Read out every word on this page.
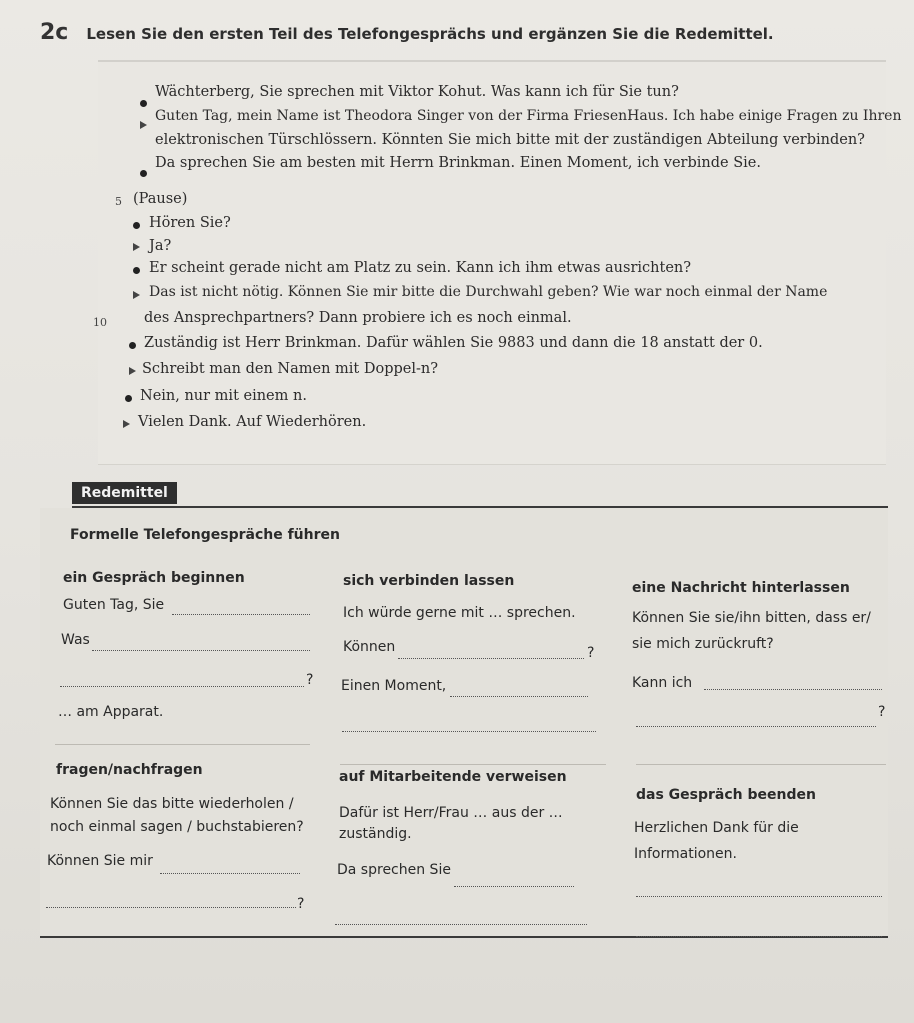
2c Lesen Sie den ersten Teil des Telefongesprächs und ergänzen Sie die Redemittel.
Wächterberg, Sie sprechen mit Viktor Kohut. Was kann ich für Sie tun?
Guten Tag, mein Name ist Theodora Singer von der Firma FriesenHaus. Ich habe einige Fragen zu Ihren
elektronischen Türschlössern. Könnten Sie mich bitte mit der zuständigen Abteilung verbinden?
Da sprechen Sie am besten mit Herrn Brinkman. Einen Moment, ich verbinde Sie.
5 (Pause)
Hören Sie?
Ja?
Er scheint gerade nicht am Platz zu sein. Kann ich ihm etwas ausrichten?
Das ist nicht nötig. Können Sie mir bitte die Durchwahl geben? Wie war noch einmal der Name
10	des Ansprechpartners? Dann probiere ich es noch einmal.
Zuständig ist Herr Brinkman. Dafür wählen Sie 9883 und dann die 18 anstatt der 0.
Schreibt man den Namen mit Doppel-n?
Nein, nur mit einem n.
Vielen Dank. Auf Wiederhören.
Redemittel
Formelle Telefongespräche führen
ein Gespräch beginnen
Guten Tag, Sie
Was
?
… am Apparat.
fragen/nachfragen
Können Sie das bitte wiederholen /
noch einmal sagen / buchstabieren?
Können Sie mir
?
sich verbinden lassen
Ich würde gerne mit … sprechen.
Können	?
Einen Moment,
auf Mitarbeitende verweisen
Dafür ist Herr/Frau … aus der …
zuständig.
Da sprechen Sie
eine Nachricht hinterlassen
Können Sie sie/ihn bitten, dass er/
sie mich zurückruft?
Kann ich
?
das Gespräch beenden
Herzlichen Dank für die
Informationen.
